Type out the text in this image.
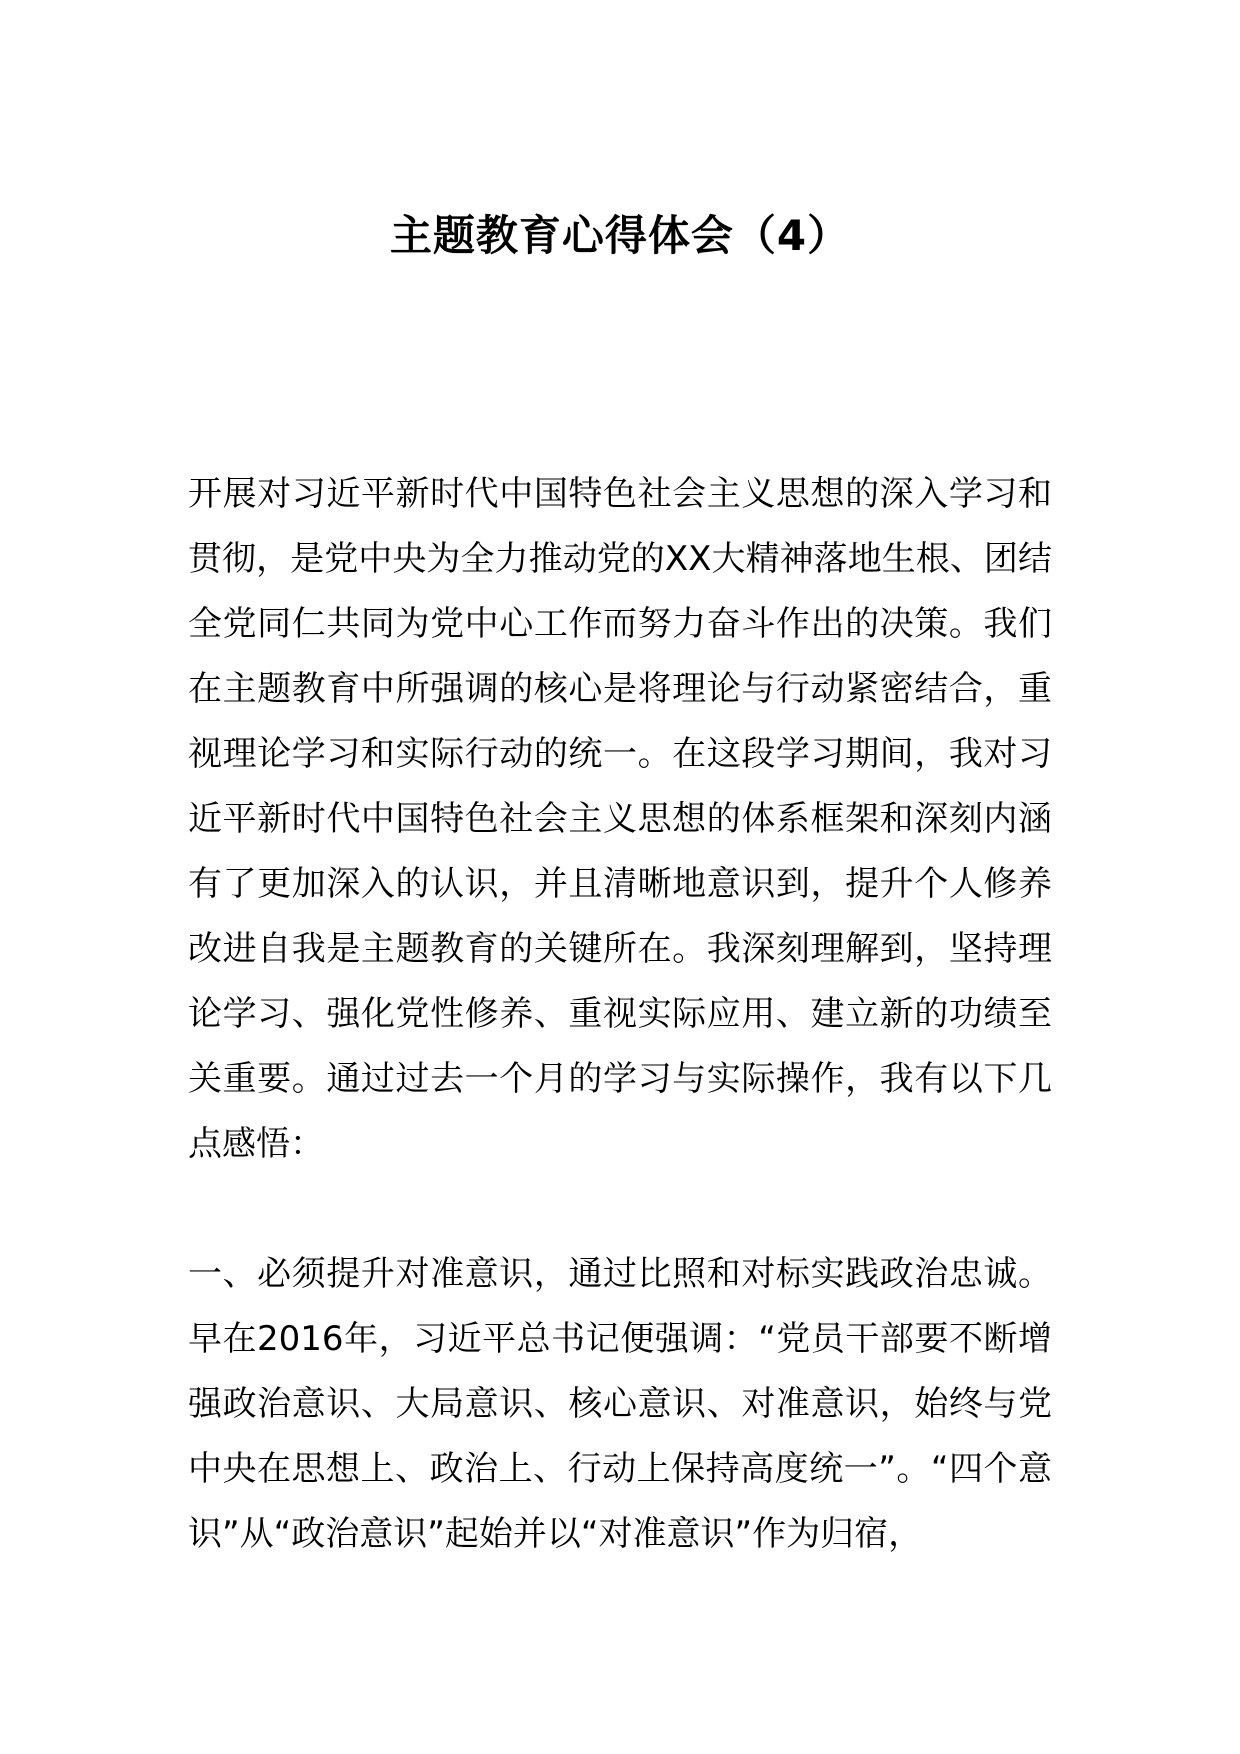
主题教育心得体会（4）

开展对习近平新时代中国特色社会主义思想的深入学习和贯彻，是党中央为全力推动党的XX大精神落地生根、团结全党同仁共同为党中心工作而努力奋斗作出的决策。我们在主题教育中所强调的核心是将理论与行动紧密结合，重视理论学习和实际行动的统一。在这段学习期间，我对习近平新时代中国特色社会主义思想的体系框架和深刻内涵有了更加深入的认识，并且清晰地意识到，提升个人修养改进自我是主题教育的关键所在。我深刻理解到，坚持理论学习、强化党性修养、重视实际应用、建立新的功绩至关重要。通过过去一个月的学习与实际操作，我有以下几点感悟：

一、必须提升对准意识，通过比照和对标实践政治忠诚。早在2016年，习近平总书记便强调：“党员干部要不断增强政治意识、大局意识、核心意识、对准意识，始终与党中央在思想上、政治上、行动上保持高度统一”。“四个意识”从“政治意识”起始并以“对准意识”作为归宿，
